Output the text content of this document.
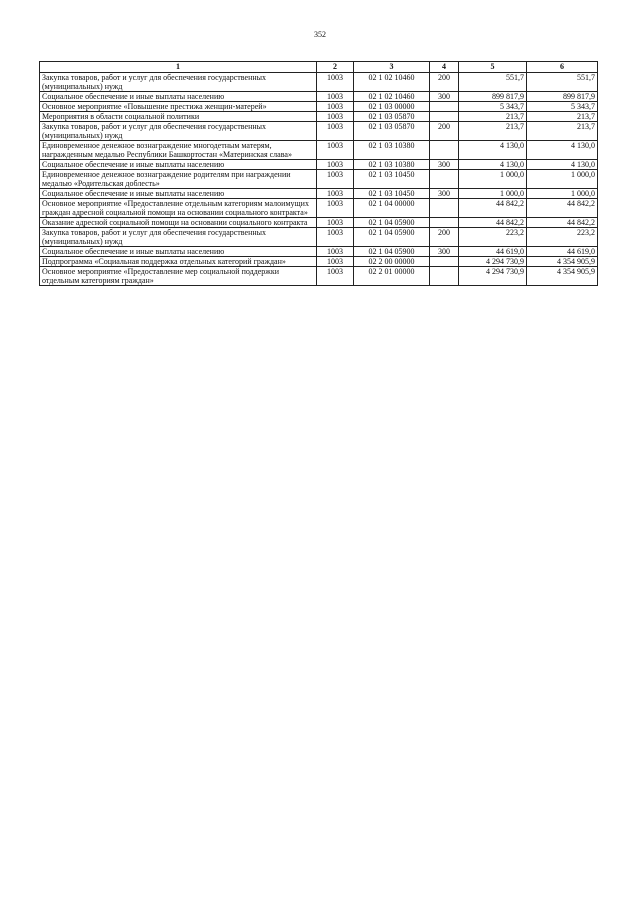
352
1	2	3	4	5	6
Закупка товаров, работ и услуг для обеспечения государственных (муниципальных) нужд	1003	02 1 02 10460	200	551,7	551,7
Социальное обеспечение и иные выплаты населению	1003	02 1 02 10460	300	899 817,9	899 817,9
Основное мероприятие «Повышение престижа женщин-матерей»	1003	02 1 03 00000		5 343,7	5 343,7
Мероприятия в области социальной политики	1003	02 1 03 05870		213,7	213,7
Закупка товаров, работ и услуг для обеспечения государственных (муниципальных) нужд	1003	02 1 03 05870	200	213,7	213,7
Единовременное денежное вознаграждение многодетным матерям, награжденным медалью Республики Башкортостан «Материнская слава»	1003	02 1 03 10380		4 130,0	4 130,0
Социальное обеспечение и иные выплаты населению	1003	02 1 03 10380	300	4 130,0	4 130,0
Единовременное денежное вознаграждение родителям при награждении медалью «Родительская доблесть»	1003	02 1 03 10450		1 000,0	1 000,0
Социальное обеспечение и иные выплаты населению	1003	02 1 03 10450	300	1 000,0	1 000,0
Основное мероприятие «Предоставление отдельным категориям малоимущих граждан адресной социальной помощи на основании социального контракта»	1003	02 1 04 00000		44 842,2	44 842,2
Оказание адресной социальной помощи на основании социального контракта	1003	02 1 04 05900		44 842,2	44 842,2
Закупка товаров, работ и услуг для обеспечения государственных (муниципальных) нужд	1003	02 1 04 05900	200	223,2	223,2
Социальное обеспечение и иные выплаты населению	1003	02 1 04 05900	300	44 619,0	44 619,0
Подпрограмма «Социальная поддержка отдельных категорий граждан»	1003	02 2 00 00000		4 294 730,9	4 354 905,9
Основное мероприятие «Предоставление мер социальной поддержки отдельным категориям граждан»	1003	02 2 01 00000		4 294 730,9	4 354 905,9
